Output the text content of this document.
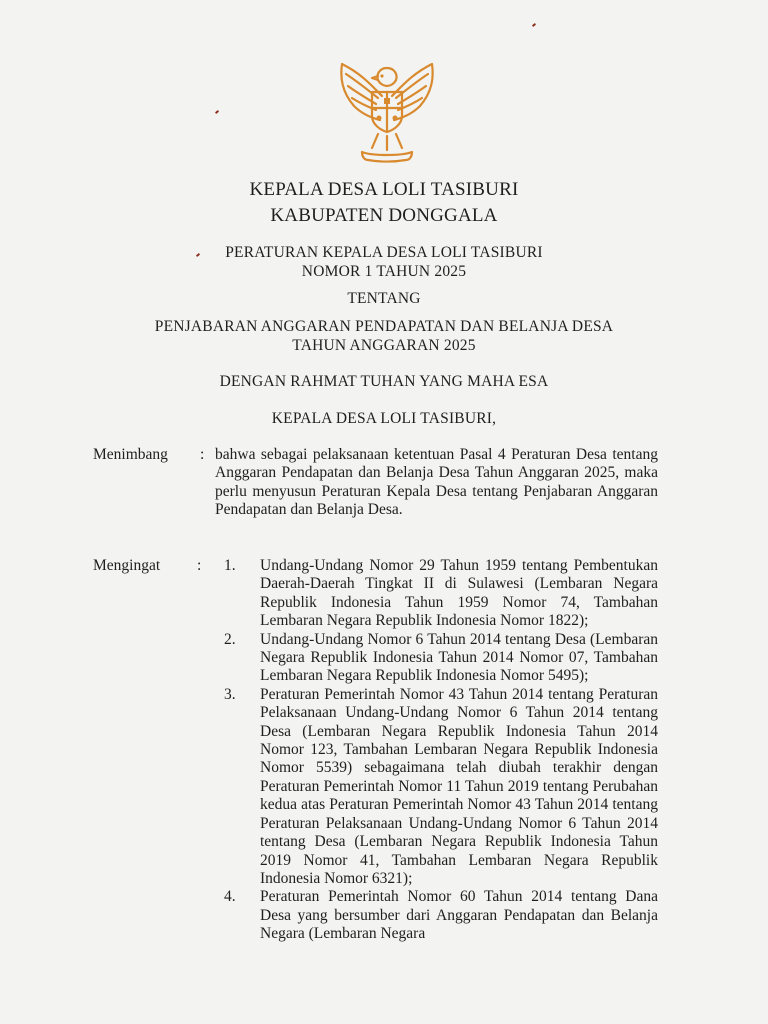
KEPALA DESA LOLI TASIBURI
KABUPATEN DONGGALA
PERATURAN KEPALA DESA LOLI TASIBURI
NOMOR 1 TAHUN 2025
TENTANG
PENJABARAN ANGGARAN PENDAPATAN DAN BELANJA DESA
TAHUN ANGGARAN 2025
DENGAN RAHMAT TUHAN YANG MAHA ESA
KEPALA DESA LOLI TASIBURI,
Menimbang : bahwa sebagai pelaksanaan ketentuan Pasal 4 Peraturan Desa tentang Anggaran Pendapatan dan Belanja Desa Tahun Anggaran 2025, maka perlu menyusun Peraturan Kepala Desa tentang Penjabaran Anggaran Pendapatan dan Belanja Desa.
Mengingat : 1. Undang-Undang Nomor 29 Tahun 1959 tentang Pembentukan Daerah-Daerah Tingkat II di Sulawesi (Lembaran Negara Republik Indonesia Tahun 1959 Nomor 74, Tambahan Lembaran Negara Republik Indonesia Nomor 1822);
2. Undang-Undang Nomor 6 Tahun 2014 tentang Desa (Lembaran Negara Republik Indonesia Tahun 2014 Nomor 07, Tambahan Lembaran Negara Republik Indonesia Nomor 5495);
3. Peraturan Pemerintah Nomor 43 Tahun 2014 tentang Peraturan Pelaksanaan Undang-Undang Nomor 6 Tahun 2014 tentang Desa (Lembaran Negara Republik Indonesia Tahun 2014 Nomor 123, Tambahan Lembaran Negara Republik Indonesia Nomor 5539) sebagaimana telah diubah terakhir dengan Peraturan Pemerintah Nomor 11 Tahun 2019 tentang Perubahan kedua atas Peraturan Pemerintah Nomor 43 Tahun 2014 tentang Peraturan Pelaksanaan Undang-Undang Nomor 6 Tahun 2014 tentang Desa (Lembaran Negara Republik Indonesia Tahun 2019 Nomor 41, Tambahan Lembaran Negara Republik Indonesia Nomor 6321);
4. Peraturan Pemerintah Nomor 60 Tahun 2014 tentang Dana Desa yang bersumber dari Anggaran Pendapatan dan Belanja Negara (Lembaran Negara
